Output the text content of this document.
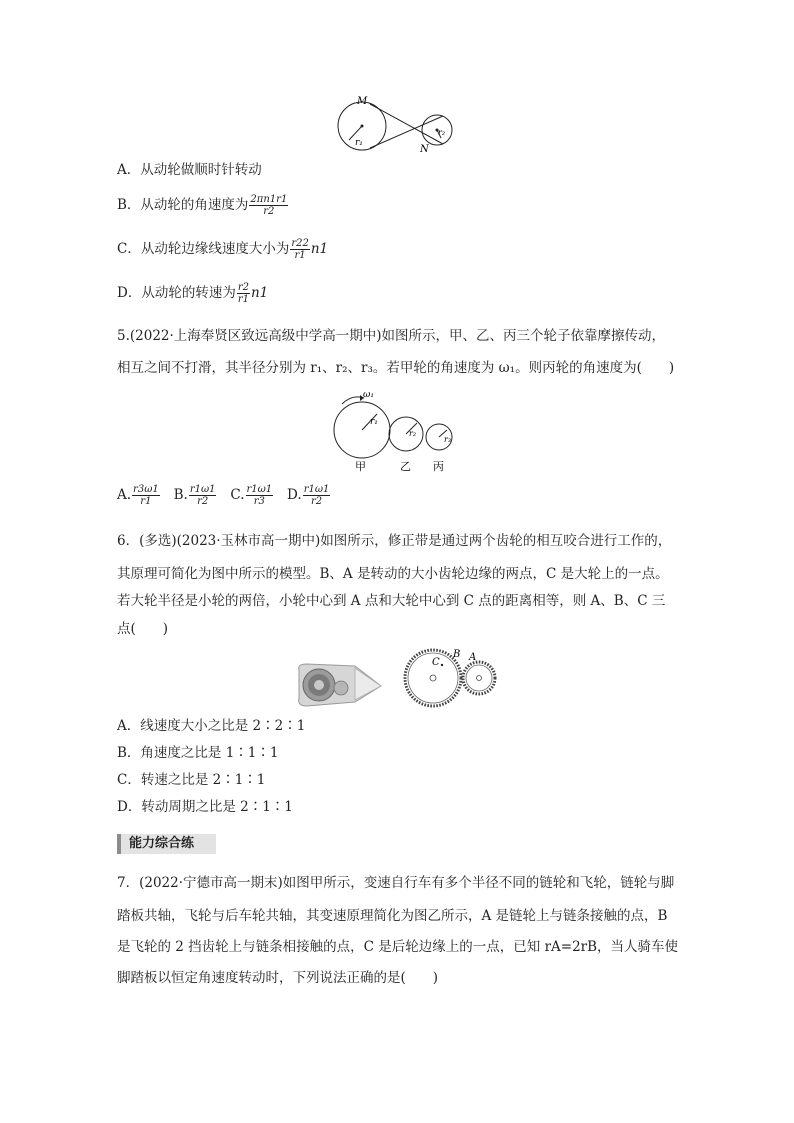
M
N
r₁
r₂
A．从动轮做顺时针转动
B．从动轮的角速度为 $\frac{2\pi n1r1}{r2}$
C．从动轮边缘线速度大小为 $\frac{r22}{r1} n1$
D．从动轮的转速为 $\frac{r2}{r1} n1$
5.(2022·上海奉贤区致远高级中学高一期中)如图所示，甲、乙、丙三个轮子依靠摩擦传动，
相互之间不打滑，其半径分别为 r₁、r₂、r₃。若甲轮的角速度为 ω₁。则丙轮的角速度为(　　)
ω₁
r₁
r₂
r₃
甲	乙 丙
A. $\frac{r3\omega 1}{r1} B$. $\frac{r1\omega 1}{r2} C$. $\frac{r1\omega 1}{r3} D$. $\frac{r1\omega 1}{r2}$
6．(多选)(2023·玉林市高一期中)如图所示，修正带是通过两个齿轮的相互咬合进行工作的，
其原理可简化为图中所示的模型。B、A 是转动的大小齿轮边缘的两点，C 是大轮上的一点。
若大轮半径是小轮的两倍，小轮中心到 A 点和大轮中心到 C 点的距离相等，则 A、B、C 三
点(　　)
C
B A
A．线速度大小之比是 2∶2∶1
B．角速度之比是 1∶1∶1
C．转速之比是 2∶1∶1
D．转动周期之比是 2∶1∶1
能力综合练
7．(2022·宁德市高一期末)如图甲所示，变速自行车有多个半径不同的链轮和飞轮，链轮与脚
踏板共轴，飞轮与后车轮共轴，其变速原理简化为图乙所示，A 是链轮上与链条接触的点，B
是飞轮的 2 挡齿轮上与链条相接触的点，C 是后轮边缘上的一点，已知 rA=2rB，当人骑车使
脚踏板以恒定角速度转动时，下列说法正确的是(　　)
